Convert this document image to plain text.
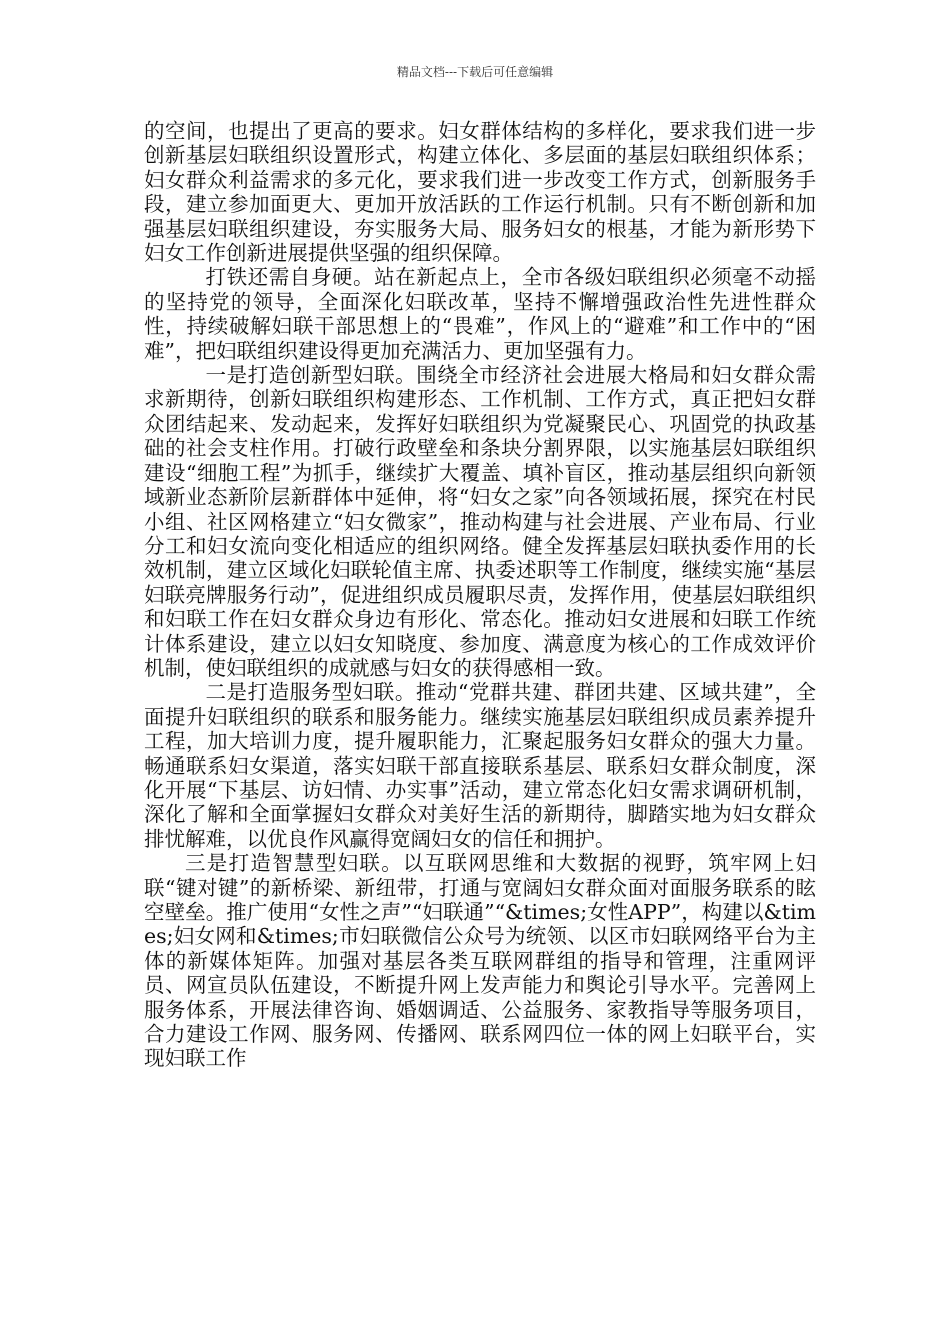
精品文档---下载后可任意编辑

的空间，也提出了更高的要求。妇女群体结构的多样化，要求我们进一步创新基层妇联组织设置形式，构建立体化、多层面的基层妇联组织体系；妇女群众利益需求的多元化，要求我们进一步改变工作方式，创新服务手段，建立参加面更大、更加开放活跃的工作运行机制。只有不断创新和加强基层妇联组织建设，夯实服务大局、服务妇女的根基，才能为新形势下妇女工作创新进展提供坚强的组织保障。

打铁还需自身硬。站在新起点上，全市各级妇联组织必须毫不动摇的坚持党的领导，全面深化妇联改革，坚持不懈增强政治性先进性群众性，持续破解妇联干部思想上的“畏难”，作风上的“避难”和工作中的“困难”，把妇联组织建设得更加充满活力、更加坚强有力。

一是打造创新型妇联。围绕全市经济社会进展大格局和妇女群众需求新期待，创新妇联组织构建形态、工作机制、工作方式，真正把妇女群众团结起来、发动起来，发挥好妇联组织为党凝聚民心、巩固党的执政基础的社会支柱作用。打破行政壁垒和条块分割界限，以实施基层妇联组织建设“细胞工程”为抓手，继续扩大覆盖、填补盲区，推动基层组织向新领域新业态新阶层新群体中延伸，将“妇女之家”向各领域拓展，探究在村民小组、社区网格建立“妇女微家”，推动构建与社会进展、产业布局、行业分工和妇女流向变化相适应的组织网络。健全发挥基层妇联执委作用的长效机制，建立区域化妇联轮值主席、执委述职等工作制度，继续实施“基层妇联亮牌服务行动”，促进组织成员履职尽责，发挥作用，使基层妇联组织和妇联工作在妇女群众身边有形化、常态化。推动妇女进展和妇联工作统计体系建设，建立以妇女知晓度、参加度、满意度为核心的工作成效评价机制，使妇联组织的成就感与妇女的获得感相一致。

二是打造服务型妇联。推动“党群共建、群团共建、区域共建”，全面提升妇联组织的联系和服务能力。继续实施基层妇联组织成员素养提升工程，加大培训力度，提升履职能力，汇聚起服务妇女群众的强大力量。畅通联系妇女渠道，落实妇联干部直接联系基层、联系妇女群众制度，深化开展“下基层、访妇情、办实事”活动，建立常态化妇女需求调研机制，深化了解和全面掌握妇女群众对美好生活的新期待，脚踏实地为妇女群众排忧解难，以优良作风赢得宽阔妇女的信任和拥护。

三是打造智慧型妇联。以互联网思维和大数据的视野，筑牢网上妇联“键对键”的新桥梁、新纽带，打通与宽阔妇女群众面对面服务联系的眩空壁垒。推广使用“女性之声”“妇联通”“&times;女性APP”，构建以&times;妇女网和&times;市妇联微信公众号为统领、以区市妇联网络平台为主体的新媒体矩阵。加强对基层各类互联网群组的指导和管理，注重网评员、网宣员队伍建设，不断提升网上发声能力和舆论引导水平。完善网上服务体系，开展法律咨询、婚姻调适、公益服务、家教指导等服务项目，合力建设工作网、服务网、传播网、联系网四位一体的网上妇联平台，实现妇联工作
